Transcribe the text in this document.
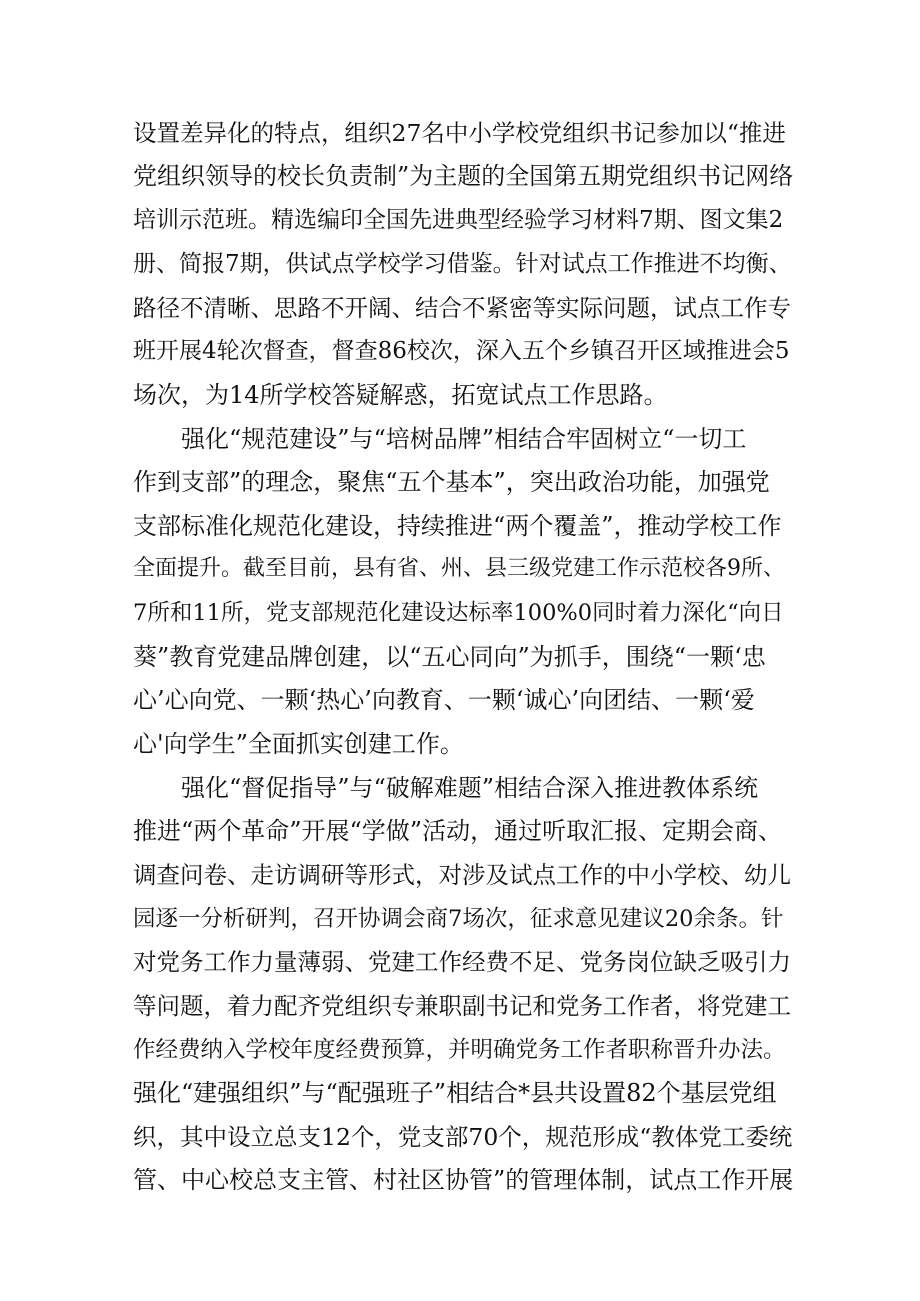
设置差异化的特点，组织27名中小学校党组织书记参加以“推进

党组织领导的校长负责制”为主题的全国第五期党组织书记网络

培训示范班。精选编印全国先进典型经验学习材料7期、图文集2

册、简报7期，供试点学校学习借鉴。针对试点工作推进不均衡、

路径不清晰、思路不开阔、结合不紧密等实际问题，试点工作专

班开展4轮次督查，督查86校次，深入五个乡镇召开区域推进会5

场次，为14所学校答疑解惑，拓宽试点工作思路。

强化“规范建设”与“培树品牌”相结合牢固树立“一切工

作到支部”的理念，聚焦“五个基本”，突出政治功能，加强党

支部标准化规范化建设，持续推进“两个覆盖”，推动学校工作

全面提升。截至目前，县有省、州、县三级党建工作示范校各9所、

7所和11所，党支部规范化建设达标率100%0同时着力深化“向日

葵”教育党建品牌创建，以“五心同向”为抓手，围绕“一颗‘忠

心’心向党、一颗‘热心’向教育、一颗‘诚心’向团结、一颗‘爱

心'向学生”全面抓实创建工作。

强化“督促指导”与“破解难题”相结合深入推进教体系统

推进“两个革命”开展“学做”活动，通过听取汇报、定期会商、

调查问卷、走访调研等形式，对涉及试点工作的中小学校、幼儿

园逐一分析研判，召开协调会商7场次，征求意见建议20余条。针

对党务工作力量薄弱、党建工作经费不足、党务岗位缺乏吸引力

等问题，着力配齐党组织专兼职副书记和党务工作者，将党建工

作经费纳入学校年度经费预算，并明确党务工作者职称晋升办法。

强化“建强组织”与“配强班子”相结合*县共设置82个基层党组

织，其中设立总支12个，党支部70个，规范形成“教体党工委统

管、中心校总支主管、村社区协管”的管理体制，试点工作开展
